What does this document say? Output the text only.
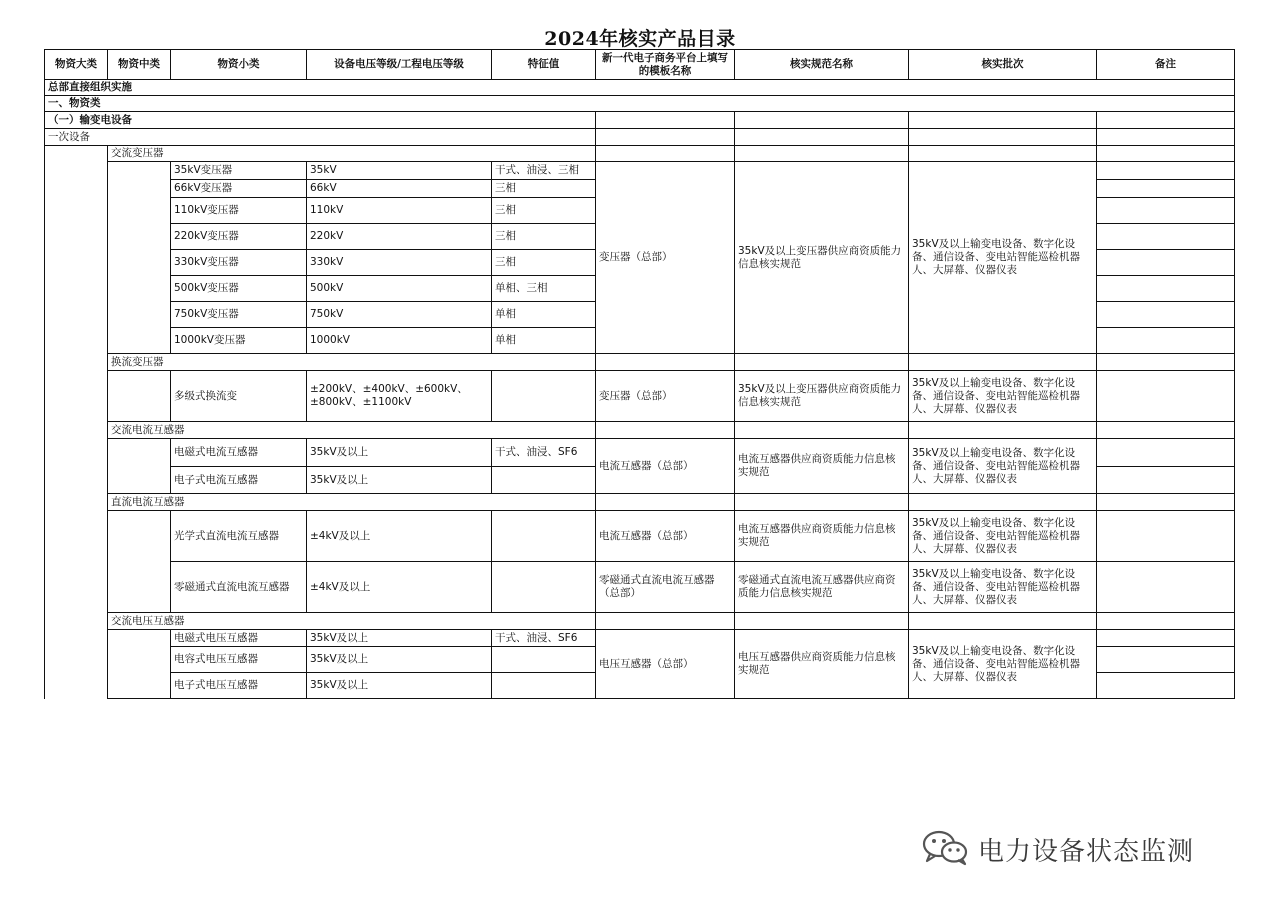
2024年核实产品目录
物资大类	物资中类	物资小类	设备电压等级/工程电压等级	特征值	新一代电子商务平台上填写的模板名称	核实规范名称	核实批次	备注
总部直接组织实施								
一、物资类								
（一）输变电设备								
一次设备								
	交流变压器							
		35kV变压器	35kV	干式、油浸、三相	变压器（总部）	35kV及以上变压器供应商资质能力信息核实规范	35kV及以上输变电设备、数字化设备、通信设备、变电站智能巡检机器人、大屏幕、仪器仪表	
		66kV变压器	66kV	三相				
		110kV变压器	110kV	三相				
		220kV变压器	220kV	三相				
		330kV变压器	330kV	三相				
		500kV变压器	500kV	单相、三相				
		750kV变压器	750kV	单相				
		1000kV变压器	1000kV	单相				
	换流变压器							
		多级式换流变	±200kV、±400kV、±600kV、±800kV、±1100kV		变压器（总部）	35kV及以上变压器供应商资质能力信息核实规范	35kV及以上输变电设备、数字化设备、通信设备、变电站智能巡检机器人、大屏幕、仪器仪表	
	交流电流互感器							
		电磁式电流互感器	35kV及以上	干式、油浸、SF6	电流互感器（总部）	电流互感器供应商资质能力信息核实规范	35kV及以上输变电设备、数字化设备、通信设备、变电站智能巡检机器人、大屏幕、仪器仪表	
		电子式电流互感器	35kV及以上					
	直流电流互感器							
		光学式直流电流互感器	±4kV及以上		电流互感器（总部）	电流互感器供应商资质能力信息核实规范	35kV及以上输变电设备、数字化设备、通信设备、变电站智能巡检机器人、大屏幕、仪器仪表	
		零磁通式直流电流互感器	±4kV及以上		零磁通式直流电流互感器（总部）	零磁通式直流电流互感器供应商资质能力信息核实规范	35kV及以上输变电设备、数字化设备、通信设备、变电站智能巡检机器人、大屏幕、仪器仪表	
	交流电压互感器							
		电磁式电压互感器	35kV及以上	干式、油浸、SF6	电压互感器（总部）	电压互感器供应商资质能力信息核实规范	35kV及以上输变电设备、数字化设备、通信设备、变电站智能巡检机器人、大屏幕、仪器仪表	
		电容式电压互感器	35kV及以上					
		电子式电压互感器	35kV及以上					
电力设备状态监测
